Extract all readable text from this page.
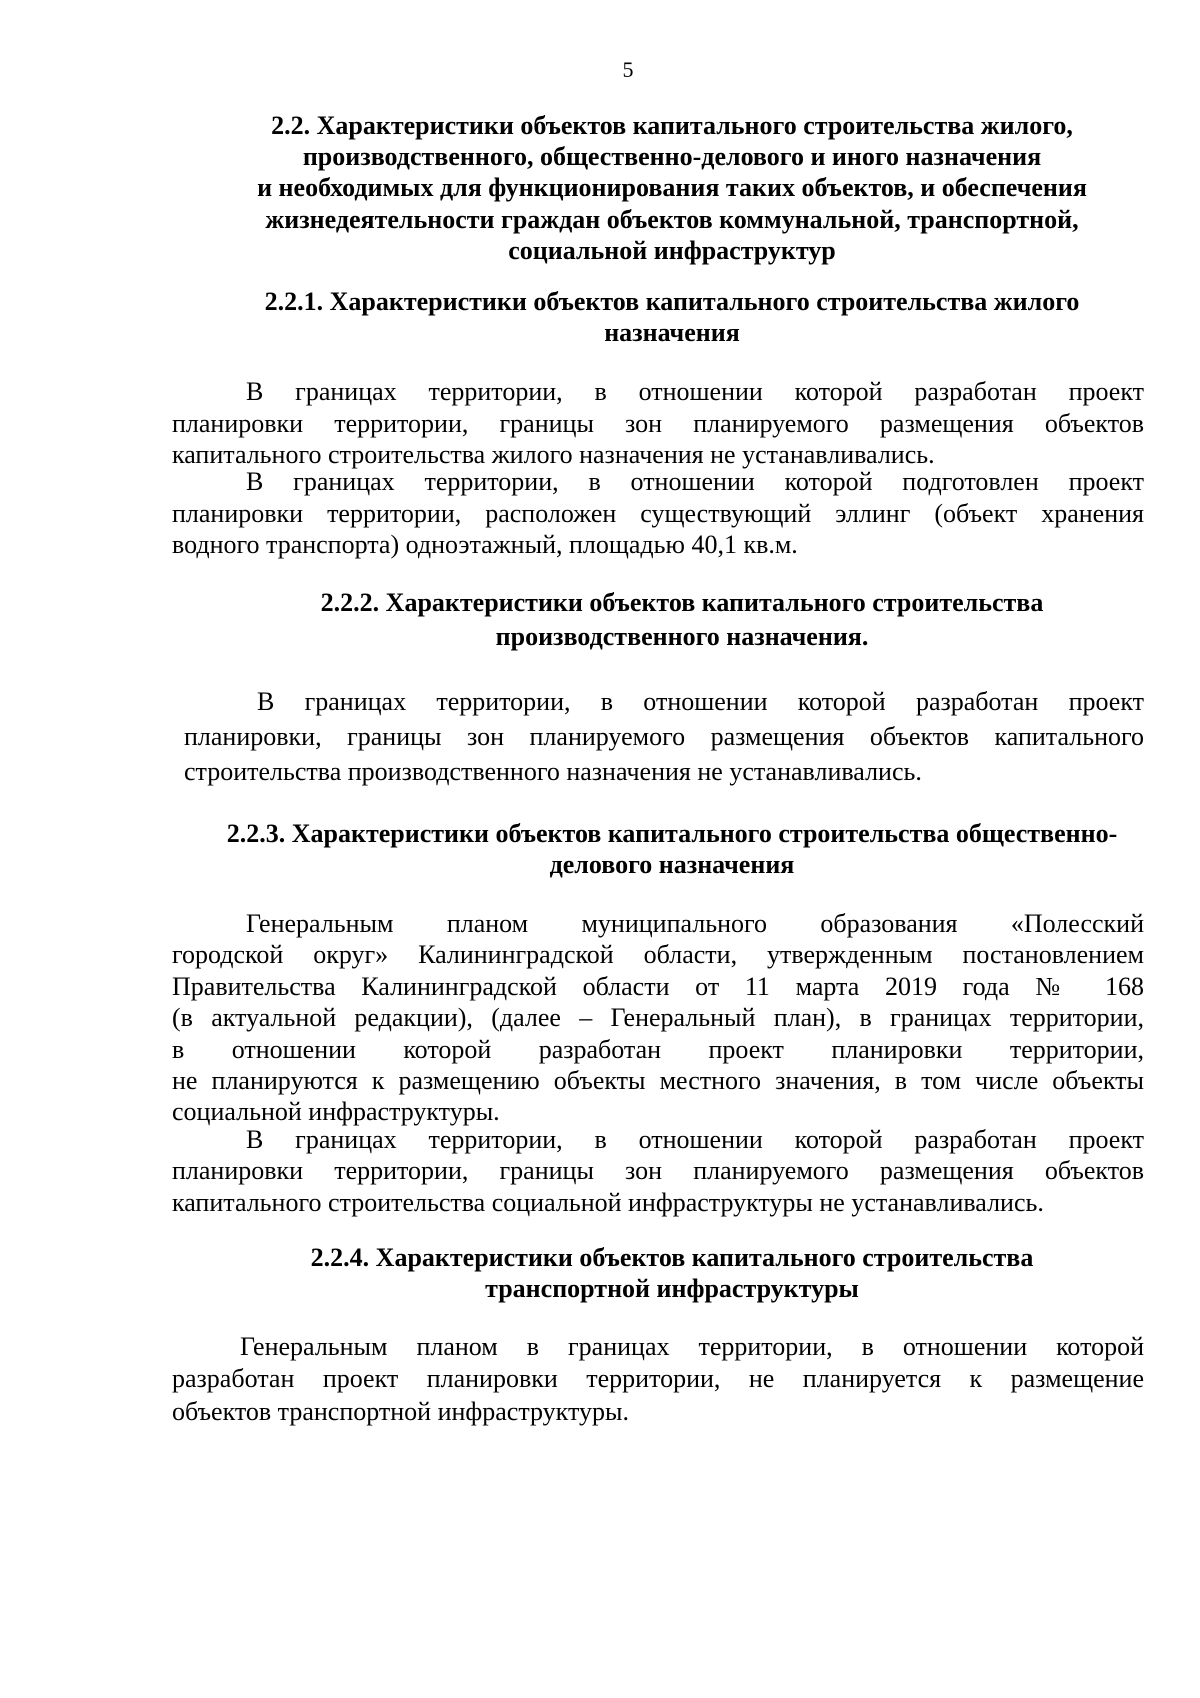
5
2.2. Характеристики объектов капитального строительства жилого,
производственного, общественно-делового и иного назначения
и необходимых для функционирования таких объектов, и обеспечения
жизнедеятельности граждан объектов коммунальной, транспортной,
социальной инфраструктур
2.2.1. Характеристики объектов капитального строительства жилого
назначения
В границах территории, в отношении которой разработан проект
планировки территории, границы зон планируемого размещения объектов
капитального строительства жилого назначения не устанавливались.
В границах территории, в отношении которой подготовлен проект
планировки территории, расположен существующий эллинг (объект хранения
водного транспорта) одноэтажный, площадью 40,1 кв.м.
2.2.2. Характеристики объектов капитального строительства
производственного назначения.
В границах территории, в отношении которой разработан проект
планировки, границы зон планируемого размещения объектов капитального
строительства производственного назначения не устанавливались.
2.2.3. Характеристики объектов капитального строительства общественно-
делового назначения
Генеральным планом муниципального образования «Полесский
городской округ» Калининградской области, утвержденным постановлением
Правительства Калининградской области от 11 марта 2019 года № 168
(в актуальной редакции), (далее – Генеральный план), в границах территории,
в отношении которой разработан проект планировки территории,
не планируются к размещению объекты местного значения, в том числе объекты
социальной инфраструктуры.
В границах территории, в отношении которой разработан проект
планировки территории, границы зон планируемого размещения объектов
капитального строительства социальной инфраструктуры не устанавливались.
2.2.4. Характеристики объектов капитального строительства
транспортной инфраструктуры
Генеральным планом в границах территории, в отношении которой
разработан проект планировки территории, не планируется к размещение
объектов транспортной инфраструктуры.
